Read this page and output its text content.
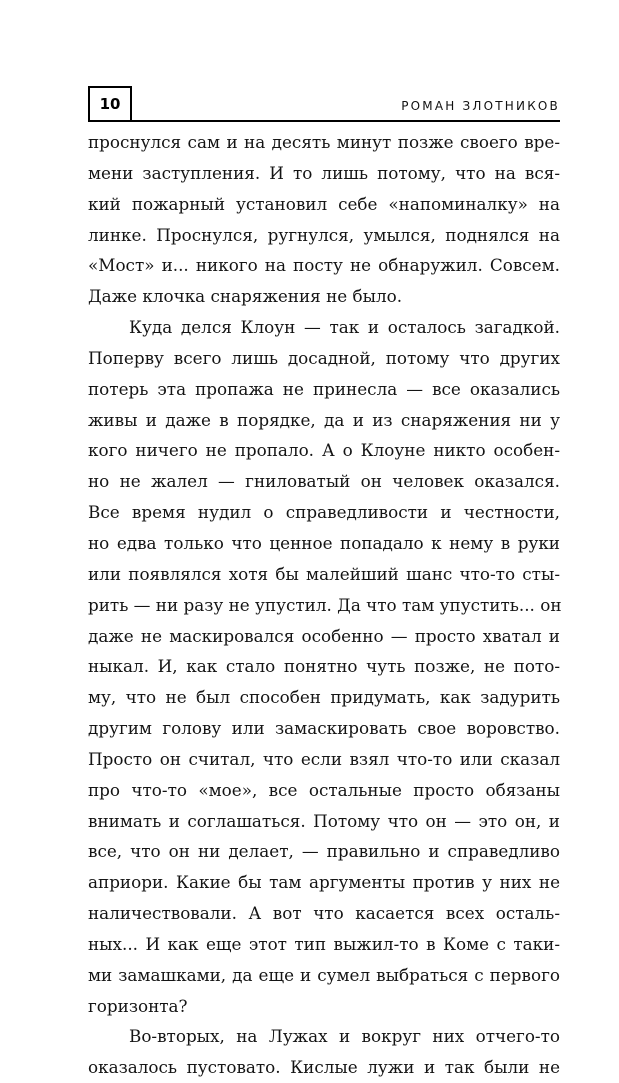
10	РОМАН ЗЛОТНИКОВ
проснулся сам и на десять минут позже своего вре-
мени заступления. И то лишь потому, что на вся-
кий пожарный установил себе «напоминалку» на
линке. Проснулся, ругнулся, умылся, поднялся на
«Мост» и... никого на посту не обнаружил. Совсем.
Даже клочка снаряжения не было.
Куда делся Клоун — так и осталось загадкой.
Поперву всего лишь досадной, потому что других
потерь эта пропажа не принесла — все оказались
живы и даже в порядке, да и из снаряжения ни у
кого ничего не пропало. А о Клоуне никто особен-
но не жалел — гниловатый он человек оказался.
Все время нудил о справедливости и честности,
но едва только что ценное попадало к нему в руки
или появлялся хотя бы малейший шанс что-то сты-
рить — ни разу не упустил. Да что там упустить... он
даже не маскировался особенно — просто хватал и
ныкал. И, как стало понятно чуть позже, не пото-
му, что не был способен придумать, как задурить
другим голову или замаскировать свое воровство.
Просто он считал, что если взял что-то или сказал
про что-то «мое», все остальные просто обязаны
внимать и соглашаться. Потому что он — это он, и
все, что он ни делает, — правильно и справедливо
априори. Какие бы там аргументы против у них не
наличествовали. А вот что касается всех осталь-
ных... И как еще этот тип выжил-то в Коме с таки-
ми замашками, да еще и сумел выбраться с первого
горизонта?
Во-вторых, на Лужах и вокруг них отчего-то
оказалось пустовато. Кислые лужи и так были не
